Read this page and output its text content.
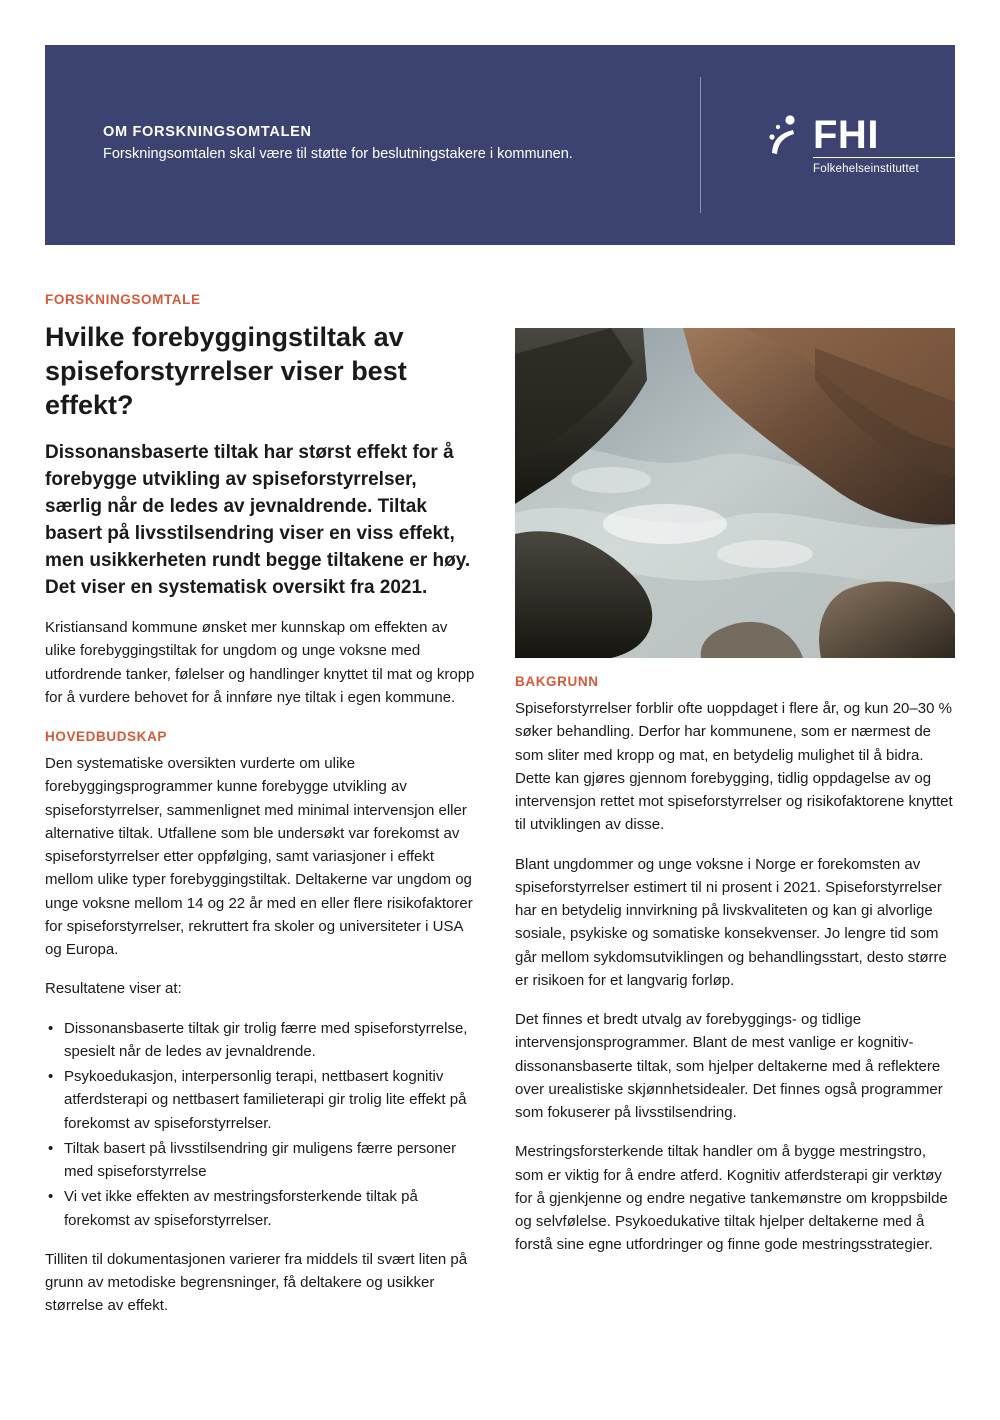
OM FORSKNINGSOMTALEN
Forskningsomtalen skal være til støtte for beslutningstakere i kommunen.	FHI
Folkehelseinstituttet
FORSKNINGSOMTALE
Hvilke forebyggingstiltak av spiseforstyrrelser viser best effekt?

Dissonansbaserte tiltak har størst effekt for å forebygge utvikling av spiseforstyrrelser, særlig når de ledes av jevnaldrende. Tiltak basert på livsstilsendring viser en viss effekt, men usikkerheten rundt begge tiltakene er høy. Det viser en systematisk oversikt fra 2021.

Kristiansand kommune ønsket mer kunnskap om effekten av ulike forebyggingstiltak for ungdom og unge voksne med utfordrende tanker, følelser og handlinger knyttet til mat og kropp for å vurdere behovet for å innføre nye tiltak i egen kommune.

HOVEDBUDSKAP

Den systematiske oversikten vurderte om ulike forebyggingsprogrammer kunne forebygge utvikling av spiseforstyrrelser, sammenlignet med minimal intervensjon eller alternative tiltak. Utfallene som ble undersøkt var forekomst av spiseforstyrrelser etter oppfølging, samt variasjoner i effekt mellom ulike typer forebyggingstiltak. Deltakerne var ungdom og unge voksne mellom 14 og 22 år med en eller flere risikofaktorer for spiseforstyrrelser, rekruttert fra skoler og universiteter i USA og Europa.

Resultatene viser at:

• Dissonansbaserte tiltak gir trolig færre med spiseforstyrrelse, spesielt når de ledes av jevnaldrende.
• Psykoedukasjon, interpersonlig terapi, nettbasert kognitiv atferdsterapi og nettbasert familieterapi gir trolig lite effekt på forekomst av spiseforstyrrelser.
• Tiltak basert på livsstilsendring gir muligens færre personer med spiseforstyrrelse
• Vi vet ikke effekten av mestringsforsterkende tiltak på forekomst av spiseforstyrrelser.

Tilliten til dokumentasjonen varierer fra middels til svært liten på grunn av metodiske begrensninger, få deltakere og usikker størrelse av effekt.

BAKGRUNN

Spiseforstyrrelser forblir ofte uoppdaget i flere år, og kun 20–30 % søker behandling. Derfor har kommunene, som er nærmest de som sliter med kropp og mat, en betydelig mulighet til å bidra. Dette kan gjøres gjennom forebygging, tidlig oppdagelse av og intervensjon rettet mot spiseforstyrrelser og risikofaktorene knyttet til utviklingen av disse.

Blant ungdommer og unge voksne i Norge er forekomsten av spiseforstyrrelser estimert til ni prosent i 2021. Spiseforstyrrelser har en betydelig innvirkning på livskvaliteten og kan gi alvorlige sosiale, psykiske og somatiske konsekvenser. Jo lengre tid som går mellom sykdomsutviklingen og behandlingsstart, desto større er risikoen for et langvarig forløp.

Det finnes et bredt utvalg av forebyggings- og tidlige intervensjonsprogrammer. Blant de mest vanlige er kognitiv-dissonansbaserte tiltak, som hjelper deltakerne med å reflektere over urealistiske skjønnhetsidealer. Det finnes også programmer som fokuserer på livsstilsendring.

Mestringsforsterkende tiltak handler om å bygge mestringstro, som er viktig for å endre atferd. Kognitiv atferdsterapi gir verktøy for å gjenkjenne og endre negative tankemønstre om kroppsbilde og selvfølelse. Psykoedukative tiltak hjelper deltakerne med å forstå sine egne utfordringer og finne gode mestringsstrategier.
